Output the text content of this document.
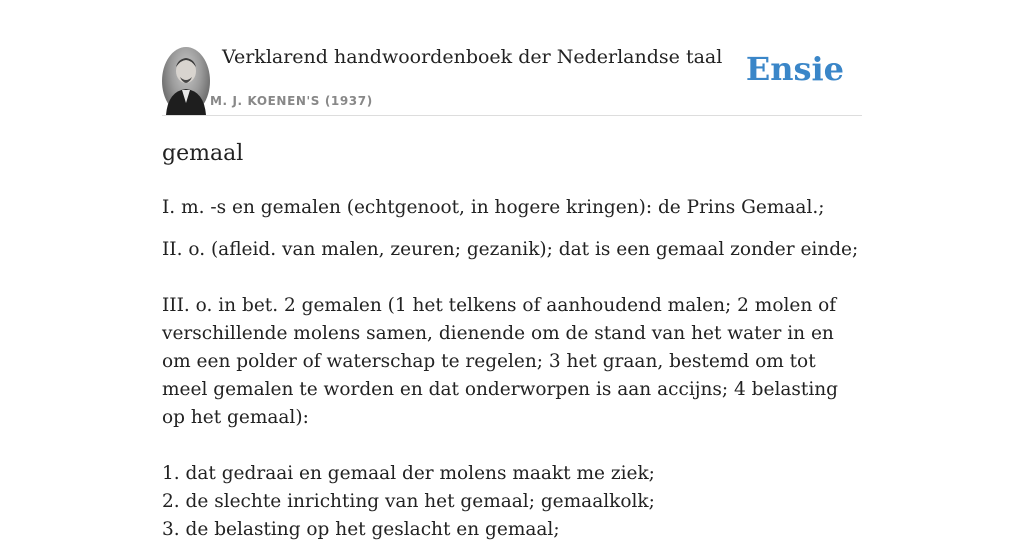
Verklarend handwoordenboek der Nederlandse taal
M. J. KOENEN'S (1937)
Ensie
gemaal

I. m. -s en gemalen (echtgenoot, in hogere kringen): de Prins Gemaal.;

II. o. (afleid. van malen, zeuren; gezanik); dat is een gemaal zonder einde;

III. o. in bet. 2 gemalen (1 het telkens of aanhoudend malen; 2 molen of verschillende molens samen, dienende om de stand van het water in en om een polder of waterschap te regelen; 3 het graan, bestemd om tot meel gemalen te worden en dat onderworpen is aan accijns; 4 belasting op het gemaal):

1. dat gedraai en gemaal der molens maakt me ziek;
2. de slechte inrichting van het gemaal; gemaalkolk;
3. de belasting op het geslacht en gemaal;
